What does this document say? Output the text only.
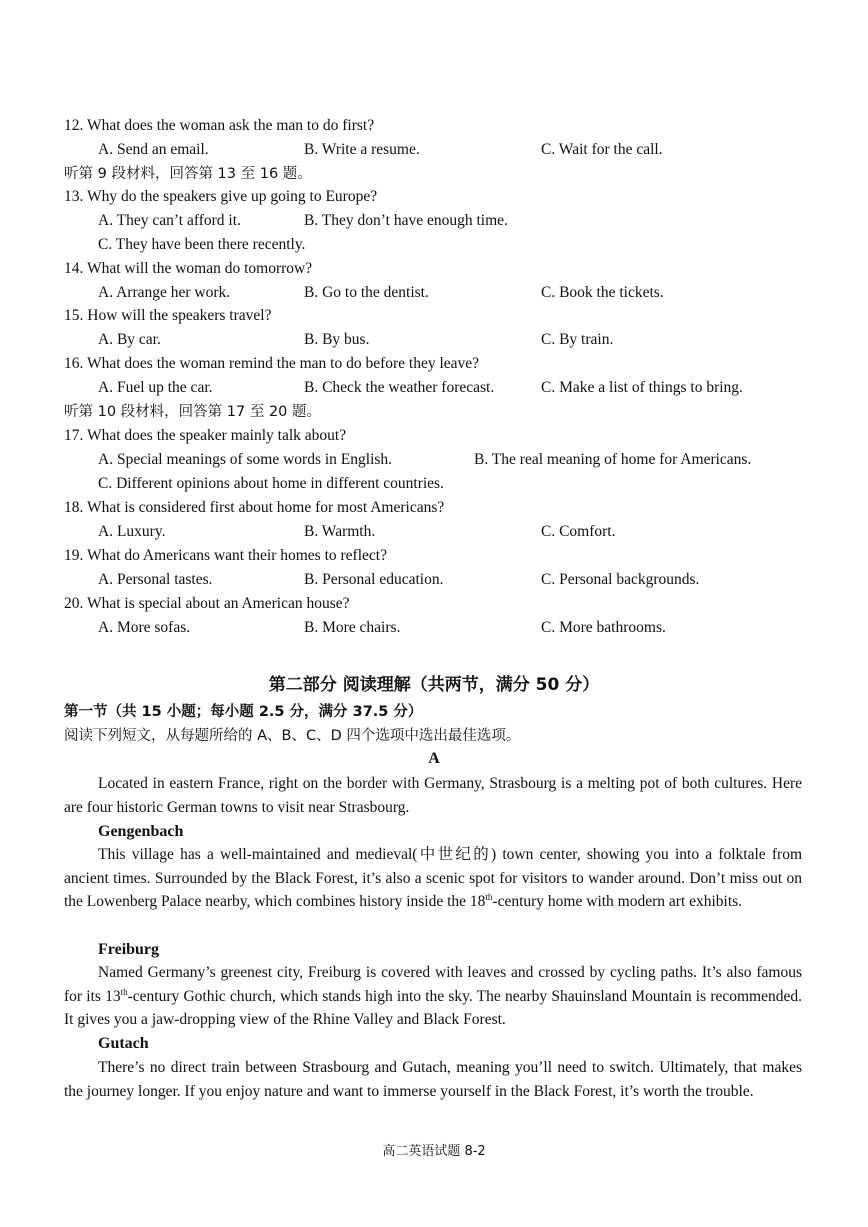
12. What does the woman ask the man to do first?
A. Send an email.	B. Write a resume.	C. Wait for the call.
听第 9 段材料，回答第 13 至 16 题。
13. Why do the speakers give up going to Europe?
A. They can’t afford it.	B. They don’t have enough time.
C. They have been there recently.
14. What will the woman do tomorrow?
A. Arrange her work.	B. Go to the dentist.	C. Book the tickets.
15. How will the speakers travel?
A. By car.	B. By bus.	C. By train.
16. What does the woman remind the man to do before they leave?
A. Fuel up the car.	B. Check the weather forecast.	C. Make a list of things to bring.
听第 10 段材料，回答第 17 至 20 题。
17. What does the speaker mainly talk about?
A. Special meanings of some words in English.	B. The real meaning of home for Americans.
C. Different opinions about home in different countries.
18. What is considered first about home for most Americans?
A. Luxury.	B. Warmth.	C. Comfort.
19. What do Americans want their homes to reflect?
A. Personal tastes.	B. Personal education.	C. Personal backgrounds.
20. What is special about an American house?
A. More sofas.	B. More chairs.	C. More bathrooms.
第二部分 阅读理解（共两节，满分 50 分）
第一节（共 15 小题；每小题 2.5 分，满分 37.5 分）
阅读下列短文，从每题所给的 A、B、C、D 四个选项中选出最佳选项。
A

Located in eastern France, right on the border with Germany, Strasbourg is a melting pot of both cultures. Here are four historic German towns to visit near Strasbourg.

Gengenbach

This village has a well-maintained and medieval(中世纪的) town center, showing you into a folktale from ancient times. Surrounded by the Black Forest, it’s also a scenic spot for visitors to wander around. Don’t miss out on the Lowenberg Palace nearby, which combines history inside the 18th-century home with modern art exhibits.

Freiburg

Named Germany’s greenest city, Freiburg is covered with leaves and crossed by cycling paths. It’s also famous for its 13th-century Gothic church, which stands high into the sky. The nearby Shauinsland Mountain is recommended. It gives you a jaw-dropping view of the Rhine Valley and Black Forest.

Gutach

There’s no direct train between Strasbourg and Gutach, meaning you’ll need to switch. Ultimately, that makes the journey longer. If you enjoy nature and want to immerse yourself in the Black Forest, it’s worth the trouble.

高二英语试题 8-2
